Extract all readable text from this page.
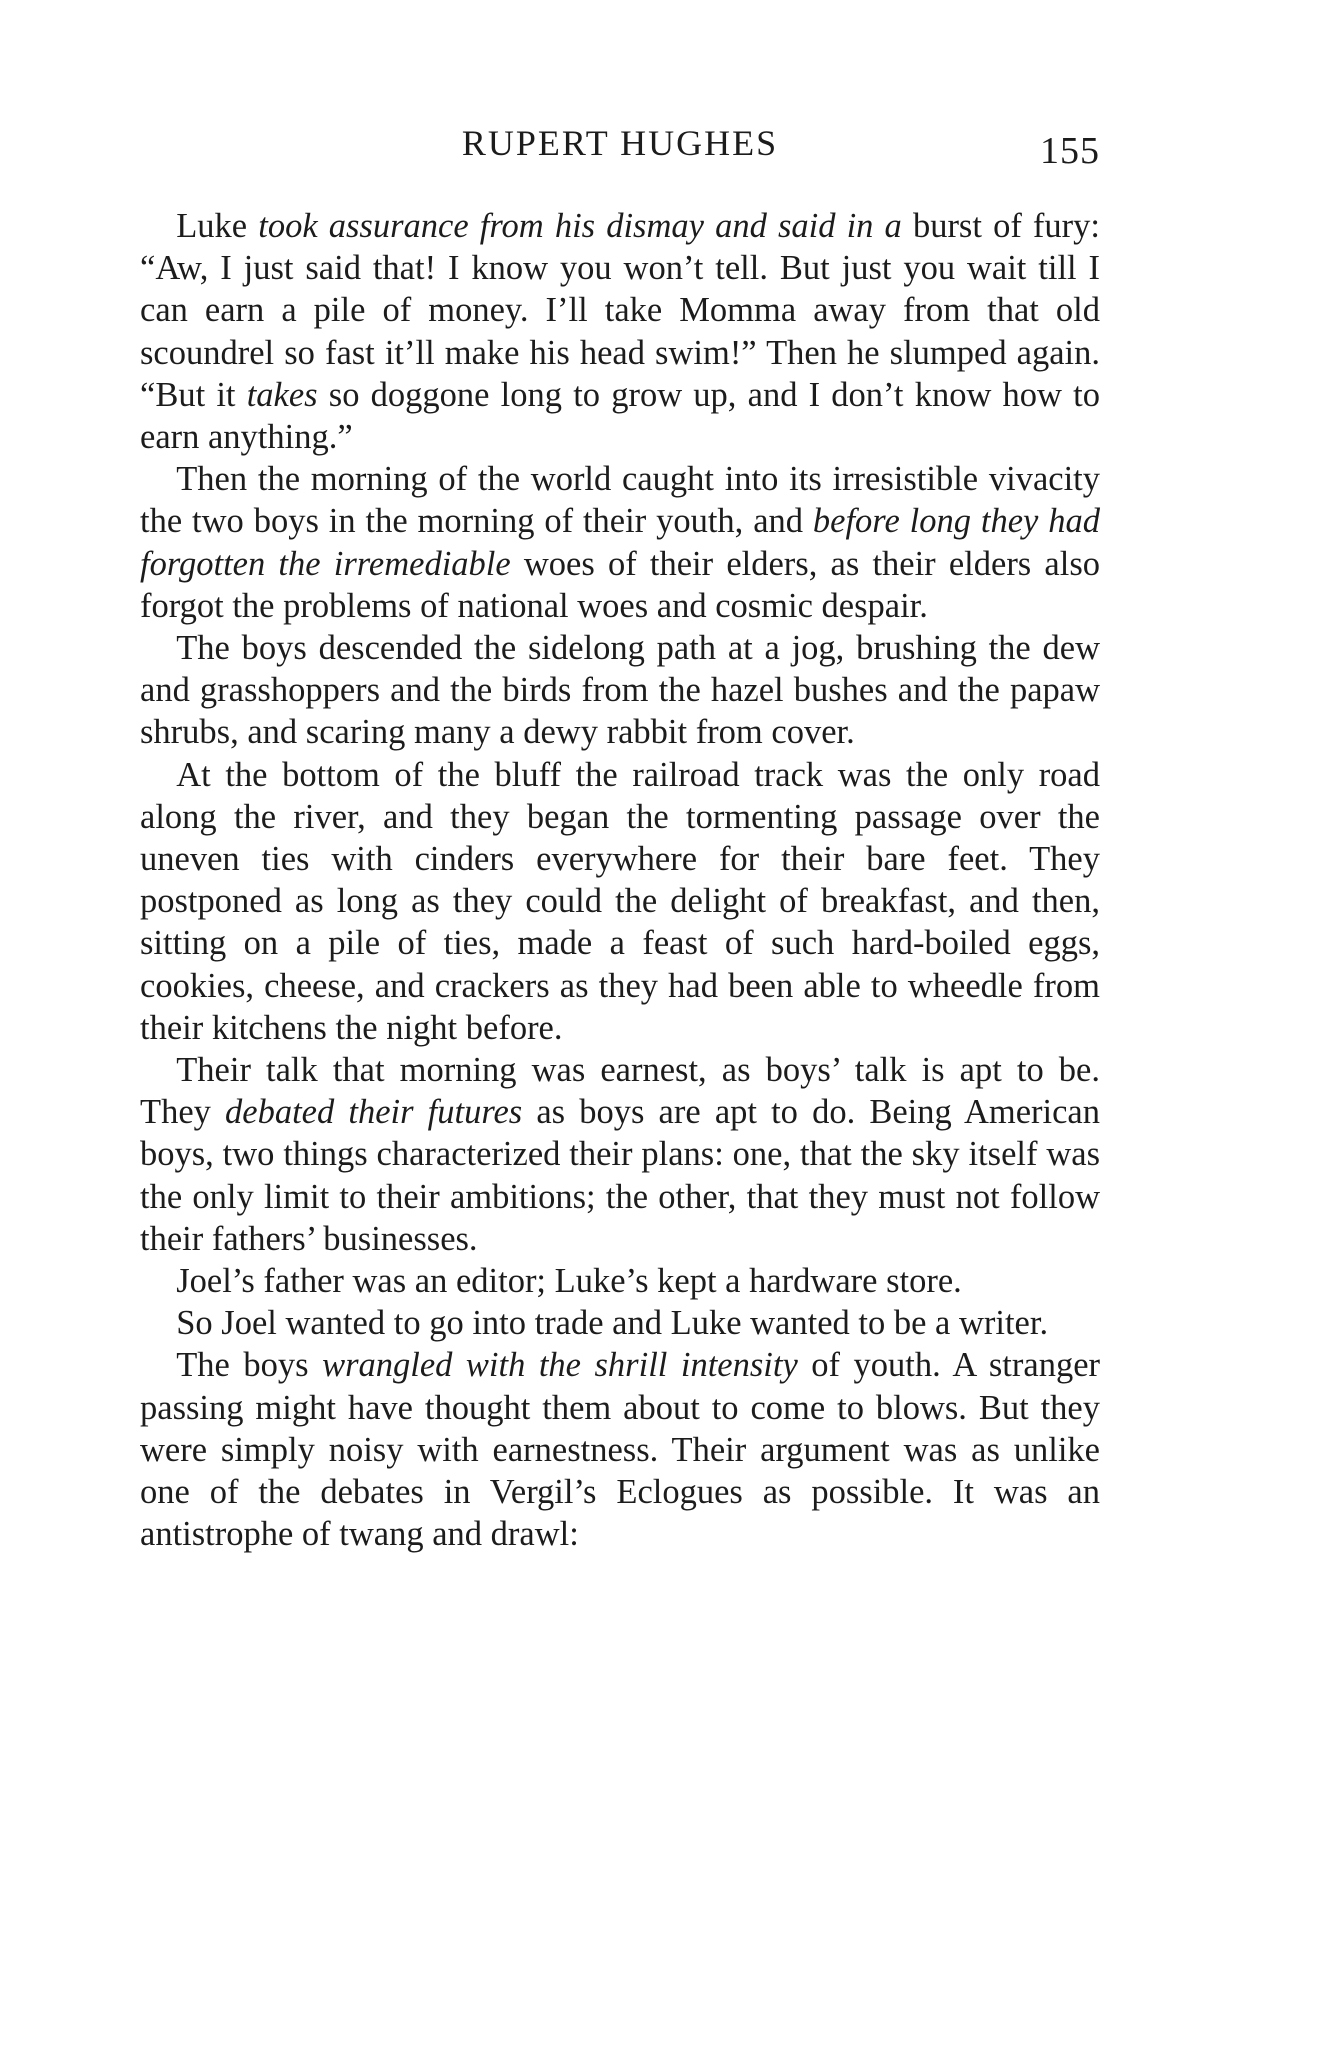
RUPERT HUGHES	155

Luke took assurance from his dismay and said in a burst of fury: “Aw, I just said that! I know you won’t tell. But just you wait till I can earn a pile of money. I’ll take Momma away from that old scoundrel so fast it’ll make his head swim!” Then he slumped again. “But it takes so doggone long to grow up, and I don’t know how to earn anything.”

Then the morning of the world caught into its irresistible vivacity the two boys in the morning of their youth, and before long they had forgotten the irremediable woes of their elders, as their elders also forgot the problems of national woes and cosmic despair.

The boys descended the sidelong path at a jog, brushing the dew and grasshoppers and the birds from the hazel bushes and the papaw shrubs, and scaring many a dewy rabbit from cover.

At the bottom of the bluff the railroad track was the only road along the river, and they began the tormenting passage over the uneven ties with cinders everywhere for their bare feet. They postponed as long as they could the delight of breakfast, and then, sitting on a pile of ties, made a feast of such hard-boiled eggs, cookies, cheese, and crackers as they had been able to wheedle from their kitchens the night before.

Their talk that morning was earnest, as boys’ talk is apt to be. They debated their futures as boys are apt to do. Being American boys, two things characterized their plans: one, that the sky itself was the only limit to their ambitions; the other, that they must not follow their fathers’ businesses.

Joel’s father was an editor; Luke’s kept a hardware store.

So Joel wanted to go into trade and Luke wanted to be a writer.

The boys wrangled with the shrill intensity of youth. A stranger passing might have thought them about to come to blows. But they were simply noisy with earnestness. Their argument was as unlike one of the debates in Vergil’s Eclogues as possible. It was an antistrophe of twang and drawl:
